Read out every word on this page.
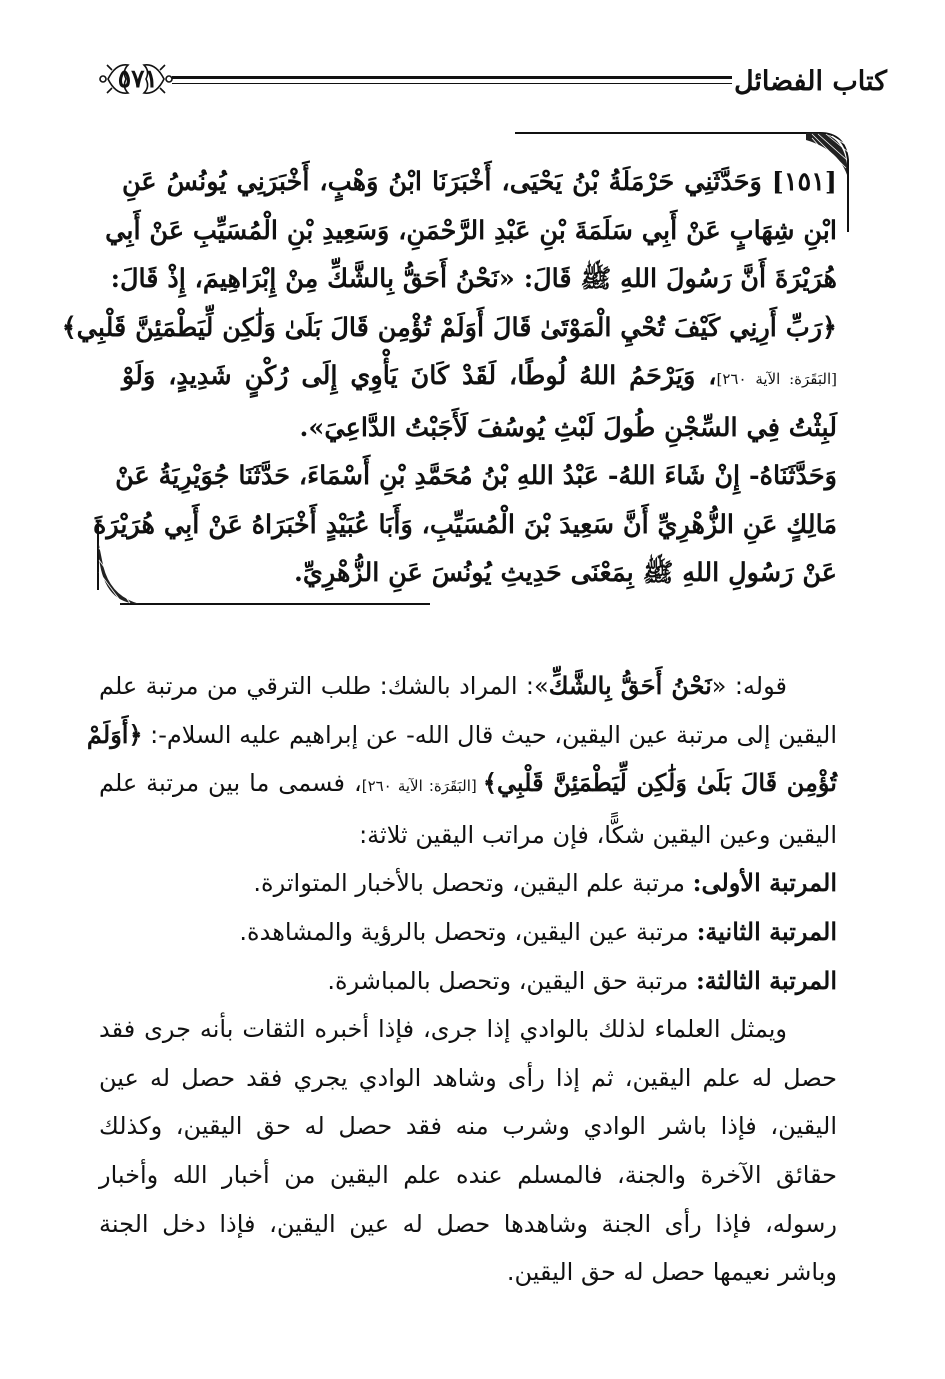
كتاب الفضائل
٥٧١
[١٥١] وَحَدَّثَنِي حَرْمَلَةُ بْنُ يَحْيَى، أَخْبَرَنَا ابْنُ وَهْبٍ، أَخْبَرَنِي يُونُسُ عَنِ
ابْنِ شِهَابٍ عَنْ أَبِي سَلَمَةَ بْنِ عَبْدِ الرَّحْمَنِ، وَسَعِيدِ بْنِ الْمُسَيِّبِ عَنْ أَبِي
هُرَيْرَةَ أَنَّ رَسُولَ اللهِ ﷺ قَالَ: «نَحْنُ أَحَقُّ بِالشَّكِّ مِنْ إِبْرَاهِيمَ، إِذْ قَالَ:
﴿رَبِّ أَرِنِي كَيْفَ تُحْيِ الْمَوْتَىٰ قَالَ أَوَلَمْ تُؤْمِن قَالَ بَلَىٰ وَلَٰكِن لِّيَطْمَئِنَّ قَلْبِي﴾
[البَقَرَة: الآية ٢٦٠]، وَيَرْحَمُ اللهُ لُوطًا، لَقَدْ كَانَ يَأْوِي إِلَى رُكْنٍ شَدِيدٍ، وَلَوْ
لَبِثْتُ فِي السِّجْنِ طُولَ لَبْثِ يُوسُفَ لَأَجَبْتُ الدَّاعِيَ».
وَحَدَّثَنَاهُ- إِنْ شَاءَ اللهُ- عَبْدُ اللهِ بْنُ مُحَمَّدِ بْنِ أَسْمَاءَ، حَدَّثَنَا جُوَيْرِيَةُ عَنْ
مَالِكٍ عَنِ الزُّهْرِيِّ أَنَّ سَعِيدَ بْنَ الْمُسَيِّبِ، وَأَبَا عُبَيْدٍ أَخْبَرَاهُ عَنْ أَبِي هُرَيْرَةَ
عَنْ رَسُولِ اللهِ ﷺ بِمَعْنَى حَدِيثِ يُونُسَ عَنِ الزُّهْرِيِّ.
قوله: «نَحْنُ أَحَقُّ بِالشَّكِّ»: المراد بالشك: طلب الترقي من مرتبة علم
اليقين إلى مرتبة عين اليقين، حيث قال الله- عن إبراهيم عليه السلام-: ﴿أَوَلَمْ
تُؤْمِن قَالَ بَلَىٰ وَلَٰكِن لِّيَطْمَئِنَّ قَلْبِي﴾ [البَقَرَة: الآية ٢٦٠]، فسمى ما بين مرتبة علم
اليقين وعين اليقين شكًّا، فإن مراتب اليقين ثلاثة:
المرتبة الأولى: مرتبة علم اليقين، وتحصل بالأخبار المتواترة.
المرتبة الثانية: مرتبة عين اليقين، وتحصل بالرؤية والمشاهدة.
المرتبة الثالثة: مرتبة حق اليقين، وتحصل بالمباشرة.
ويمثل العلماء لذلك بالوادي إذا جرى، فإذا أخبره الثقات بأنه جرى فقد
حصل له علم اليقين، ثم إذا رأى وشاهد الوادي يجري فقد حصل له عين
اليقين، فإذا باشر الوادي وشرب منه فقد حصل له حق اليقين، وكذلك
حقائق الآخرة والجنة، فالمسلم عنده علم اليقين من أخبار الله وأخبار
رسوله، فإذا رأى الجنة وشاهدها حصل له عين اليقين، فإذا دخل الجنة
وباشر نعيمها حصل له حق اليقين.
